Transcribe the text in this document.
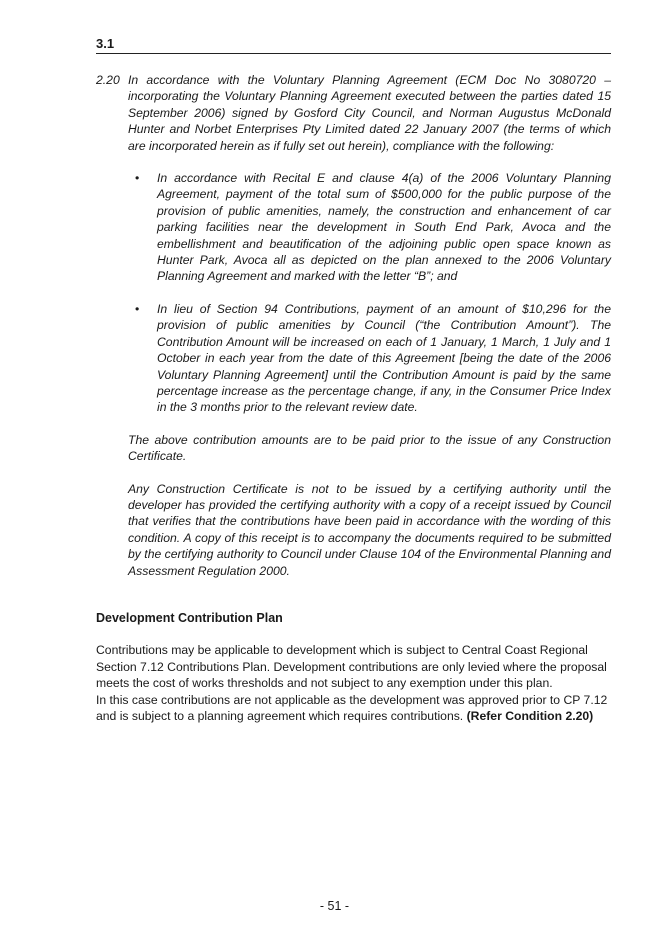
3.1
2.20 In accordance with the Voluntary Planning Agreement (ECM Doc No 3080720 – incorporating the Voluntary Planning Agreement executed between the parties dated 15 September 2006) signed by Gosford City Council, and Norman Augustus McDonald Hunter and Norbet Enterprises Pty Limited dated 22 January 2007 (the terms of which are incorporated herein as if fully set out herein), compliance with the following:

• In accordance with Recital E and clause 4(a) of the 2006 Voluntary Planning Agreement, payment of the total sum of $500,000 for the public purpose of the provision of public amenities, namely, the construction and enhancement of car parking facilities near the development in South End Park, Avoca and the embellishment and beautification of the adjoining public open space known as Hunter Park, Avoca all as depicted on the plan annexed to the 2006 Voluntary Planning Agreement and marked with the letter “B”; and
• In lieu of Section 94 Contributions, payment of an amount of $10,296 for the provision of public amenities by Council (“the Contribution Amount”). The Contribution Amount will be increased on each of 1 January, 1 March, 1 July and 1 October in each year from the date of this Agreement [being the date of the 2006 Voluntary Planning Agreement] until the Contribution Amount is paid by the same percentage increase as the percentage change, if any, in the Consumer Price Index in the 3 months prior to the relevant review date.

The above contribution amounts are to be paid prior to the issue of any Construction Certificate.

Any Construction Certificate is not to be issued by a certifying authority until the developer has provided the certifying authority with a copy of a receipt issued by Council that verifies that the contributions have been paid in accordance with the wording of this condition. A copy of this receipt is to accompany the documents required to be submitted by the certifying authority to Council under Clause 104 of the Environmental Planning and Assessment Regulation 2000.

Development Contribution Plan

Contributions may be applicable to development which is subject to Central Coast Regional Section 7.12 Contributions Plan. Development contributions are only levied where the proposal meets the cost of works thresholds and not subject to any exemption under this plan.

In this case contributions are not applicable as the development was approved prior to CP 7.12 and is subject to a planning agreement which requires contributions. (Refer Condition 2.20)

- 51 -
